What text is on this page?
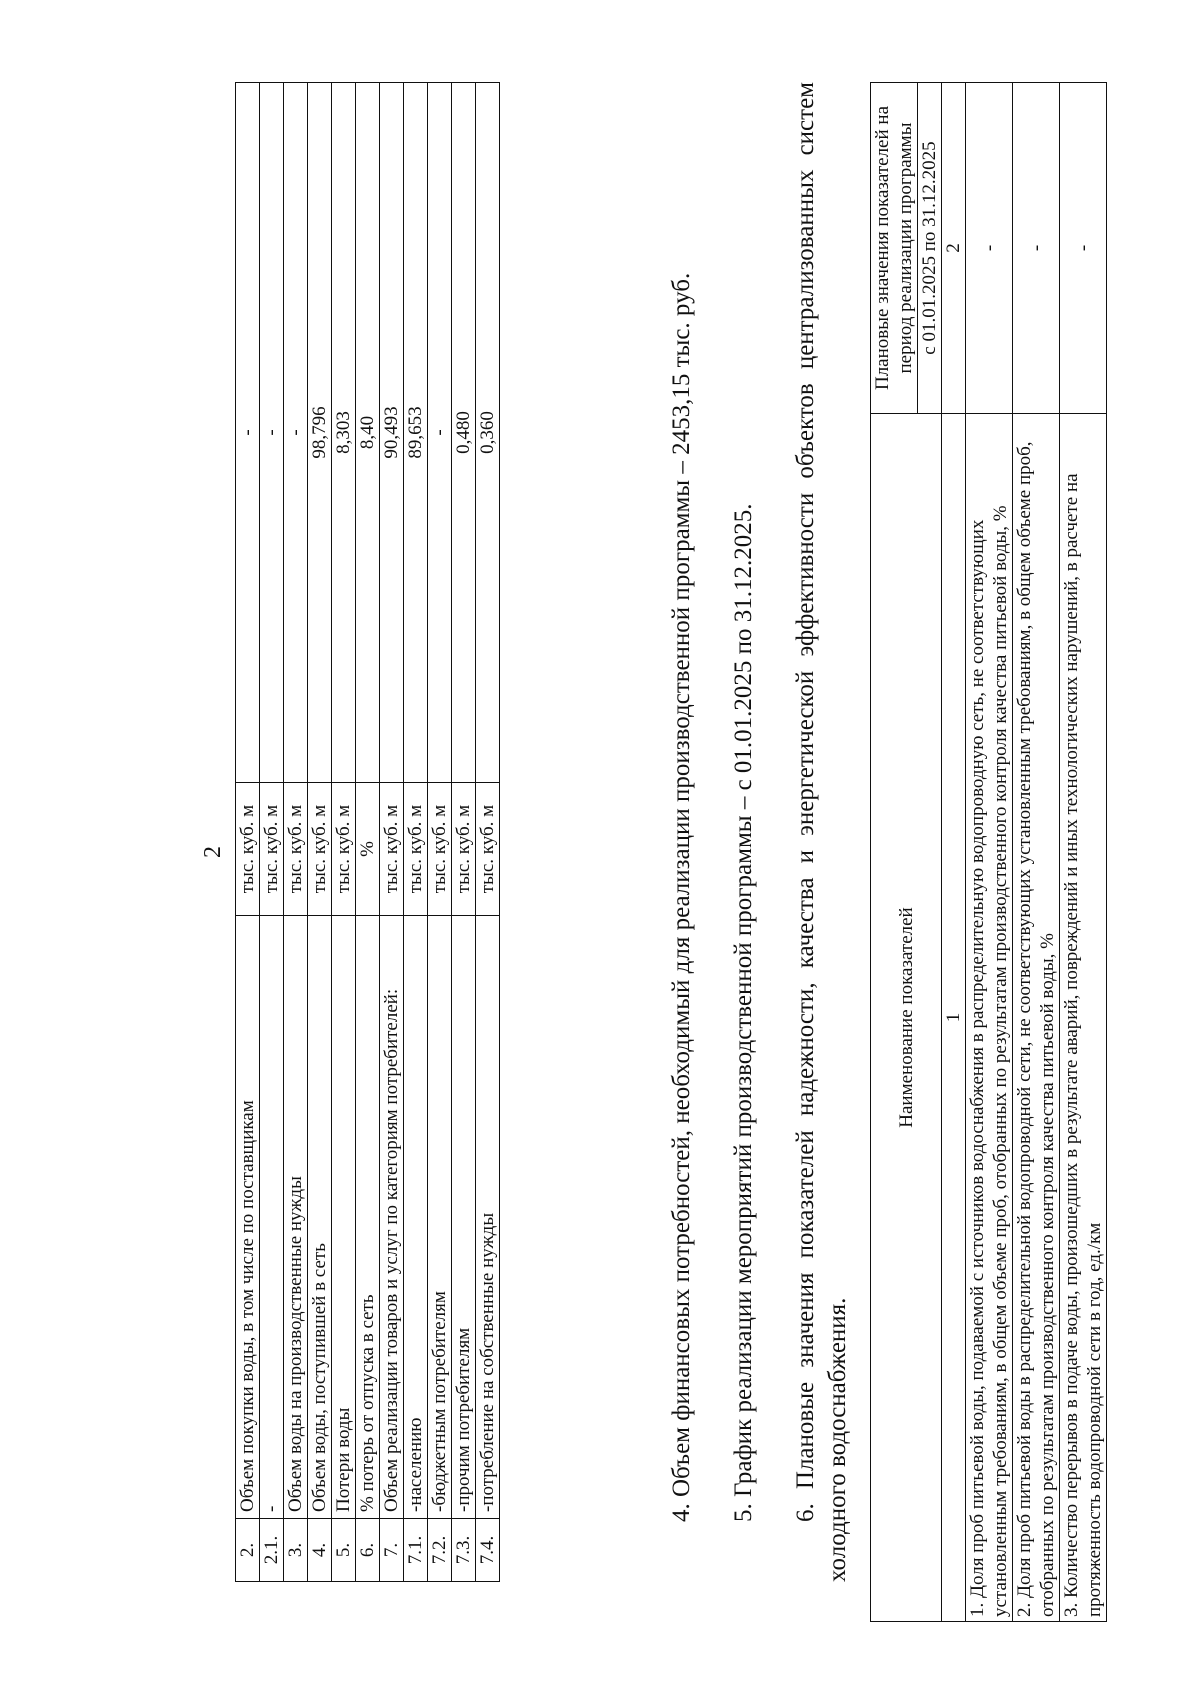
2
2.	Объем покупки воды, в том числе по поставщикам	тыс. куб. м	-
2.1.	-	тыс. куб. м	-
3.	Объем воды на производственные нужды	тыс. куб. м	-
4.	Объем воды, поступившей в сеть	тыс. куб. м	98,796
5.	Потери воды	тыс. куб. м	8,303
6.	% потерь от отпуска в сеть	%	8,40
7.	Объем реализации товаров и услуг по категориям потребителей:	тыс. куб. м	90,493
7.1.	-населению	тыс. куб. м	89,653
7.2.	-бюджетным потребителям	тыс. куб. м	-
7.3.	-прочим потребителям	тыс. куб. м	0,480
7.4.	-потребление на собственные нужды	тыс. куб. м	0,360	4. Объем финансовых потребностей, необходимый для реализации производственной программы – 2453,15 тыс. руб. 5. График реализации мероприятий производственной программы – с 01.01.2025 по 31.12.2025. 6. Плановые значения показателей надежности, качества и энергетической эффективности объектов централизованных систем холодного водоснабжения.
Наименование показателей	Плановые значения показателей на период реализации программы
	с 01.01.2025 по 31.12.2025
1	2
1. Доля проб питьевой воды, подаваемой с источников водоснабжения в распределительную водопроводную сеть, не соответствующих установленным требованиям, в общем объеме проб, отобранных по результатам производственного контроля качества питьевой воды, %	-
2. Доля проб питьевой воды в распределительной водопроводной сети, не соответствующих установленным требованиям, в общем объеме проб, отобранных по результатам производственного контроля качества питьевой воды, %	-
3. Количество перерывов в подаче воды, произошедших в результате аварий, повреждений и иных технологических нарушений, в расчете на протяженность водопроводной сети в год, ед./км	-
